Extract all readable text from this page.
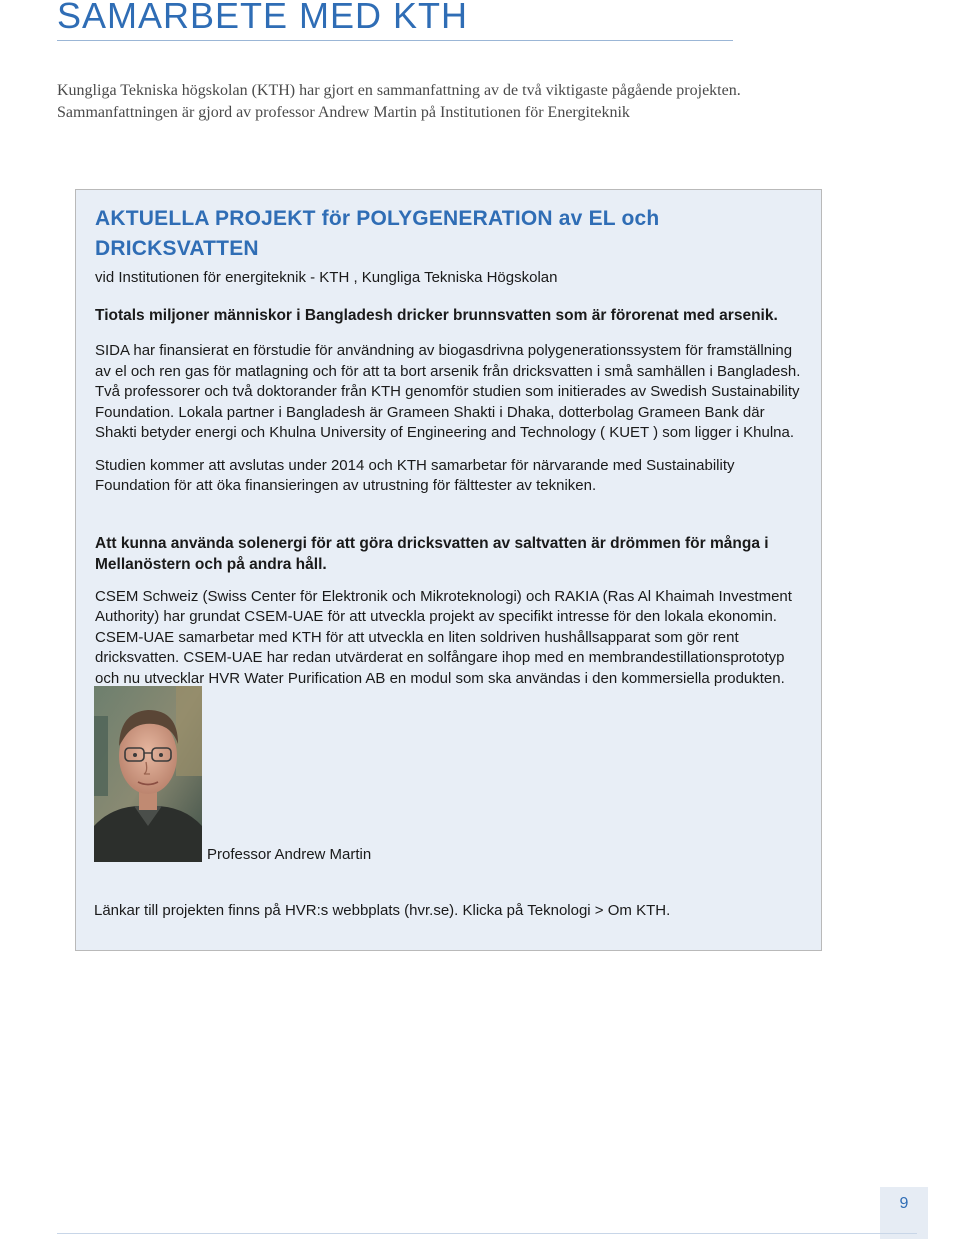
SAMARBETE MED KTH

Kungliga Tekniska högskolan (KTH) har gjort en sammanfattning av de två viktigaste pågående projekten.

Sammanfattningen är gjord av professor Andrew Martin på Institutionen för Energiteknik

AKTUELLA PROJEKT för POLYGENERATION av EL och DRICKSVATTEN

vid Institutionen för energiteknik - KTH , Kungliga Tekniska Högskolan

Tiotals miljoner människor i Bangladesh dricker brunnsvatten som är förorenat med arsenik.

SIDA har finansierat en förstudie för användning av biogasdrivna polygenerationssystem för framställning av el och ren gas för matlagning och för att ta bort arsenik från dricksvatten i små samhällen i Bangladesh. Två professorer och två doktorander från KTH genomför studien som initierades av Swedish Sustainability Foundation. Lokala partner i Bangladesh är Grameen Shakti i Dhaka, dotterbolag Grameen Bank där Shakti betyder energi och Khulna University of Engineering and Technology ( KUET ) som ligger i Khulna.

Studien kommer att avslutas under 2014 och KTH samarbetar för närvarande med Sustainability Foundation för att öka finansieringen av utrustning för fälttester av tekniken.

Att kunna använda solenergi för att göra dricksvatten av saltvatten är drömmen för många i Mellanöstern och på andra håll.

CSEM Schweiz (Swiss Center för Elektronik och Mikroteknologi) och RAKIA (Ras Al Khaimah Investment Authority) har grundat CSEM-UAE för att utveckla projekt av specifikt intresse för den lokala ekonomin. CSEM-UAE samarbetar med KTH för att utveckla en liten soldriven hushållsapparat som gör rent dricksvatten. CSEM-UAE har redan utvärderat en solfångare ihop med en membrandestillationsprototyp och nu utvecklar HVR Water Purification AB en modul som ska användas i den kommersiella produkten.

Professor Andrew Martin

Länkar till projekten finns på HVR:s webbplats (hvr.se). Klicka på Teknologi > Om KTH.

9
